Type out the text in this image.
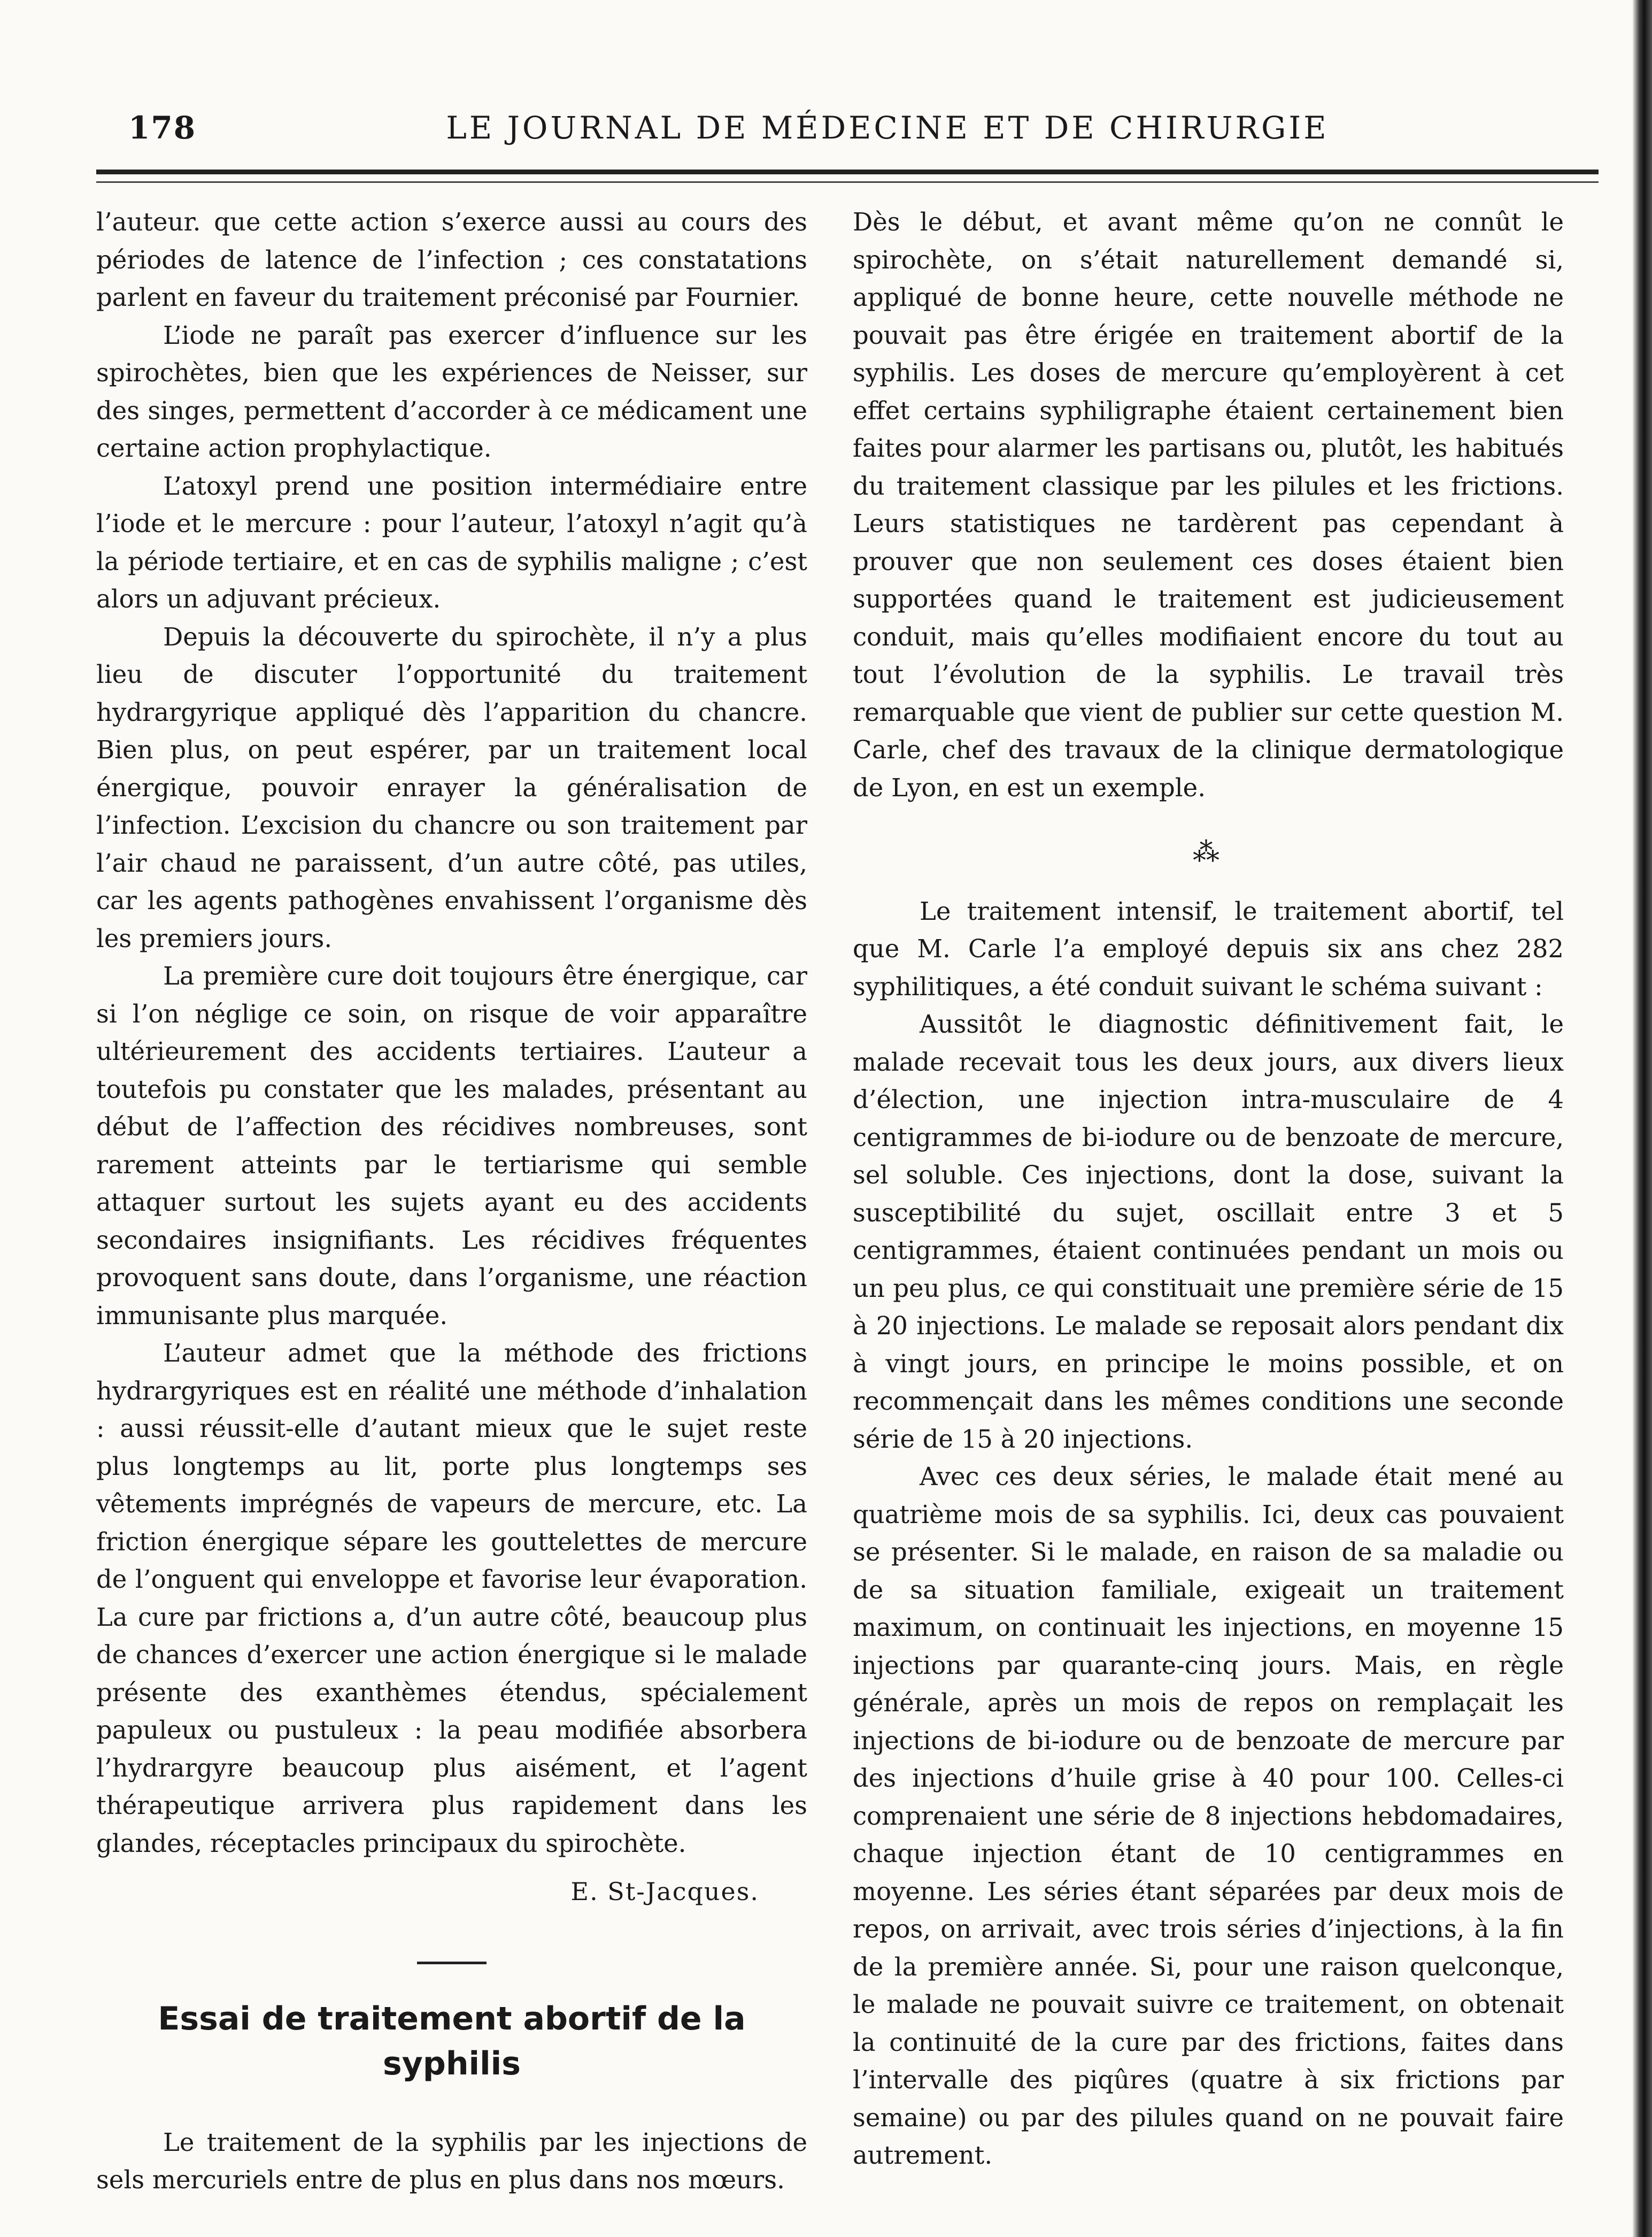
178	LE JOURNAL DE MÉDECINE ET DE CHIRURGIE

l’auteur. que cette action s’exerce aussi au cours des périodes de latence de l’infection ; ces constatations parlent en faveur du traitement préconisé par Fournier.

L’iode ne paraît pas exercer d’influence sur les spirochètes, bien que les expériences de Neisser, sur des singes, permettent d’accorder à ce médicament une certaine action prophylactique.

L’atoxyl prend une position intermédiaire entre l’iode et le mercure : pour l’auteur, l’atoxyl n’agit qu’à la période tertiaire, et en cas de syphilis maligne ; c’est alors un adjuvant précieux.

Depuis la découverte du spirochète, il n’y a plus lieu de discuter l’opportunité du traitement hydrargyrique appliqué dès l’apparition du chancre. Bien plus, on peut espérer, par un traitement local énergique, pouvoir enrayer la généralisation de l’infection. L’excision du chancre ou son traitement par l’air chaud ne paraissent, d’un autre côté, pas utiles, car les agents pathogènes envahissent l’organisme dès les premiers jours.

La première cure doit toujours être énergique, car si l’on néglige ce soin, on risque de voir apparaître ultérieurement des accidents tertiaires. L’auteur a toutefois pu constater que les malades, présentant au début de l’affection des récidives nombreuses, sont rarement atteints par le tertiarisme qui semble attaquer surtout les sujets ayant eu des accidents secondaires insignifiants. Les récidives fréquentes provoquent sans doute, dans l’organisme, une réaction immunisante plus marquée.

L’auteur admet que la méthode des frictions hydrargyriques est en réalité une méthode d’inhalation : aussi réussit-elle d’autant mieux que le sujet reste plus longtemps au lit, porte plus longtemps ses vêtements imprégnés de vapeurs de mercure, etc. La friction énergique sépare les gouttelettes de mercure de l’onguent qui enveloppe et favorise leur évaporation. La cure par frictions a, d’un autre côté, beaucoup plus de chances d’exercer une action énergique si le malade présente des exanthèmes étendus, spécialement papuleux ou pustuleux : la peau modifiée absorbera l’hydrargyre beaucoup plus aisément, et l’agent thérapeutique arrivera plus rapidement dans les glandes, réceptacles principaux du spirochète.

E. St-Jacques.
Essai de traitement abortif de la syphilis

Le traitement de la syphilis par les injections de sels mercuriels entre de plus en plus dans nos mœurs.

Dès le début, et avant même qu’on ne connût le spirochète, on s’était naturellement demandé si, appliqué de bonne heure, cette nouvelle méthode ne pouvait pas être érigée en traitement abortif de la syphilis. Les doses de mercure qu’employèrent à cet effet certains syphiligraphe étaient certainement bien faites pour alarmer les partisans ou, plutôt, les habitués du traitement classique par les pilules et les frictions. Leurs statistiques ne tardèrent pas cependant à prouver que non seulement ces doses étaient bien supportées quand le traitement est judicieusement conduit, mais qu’elles modifiaient encore du tout au tout l’évolution de la syphilis. Le travail très remarquable que vient de publier sur cette question M. Carle, chef des travaux de la clinique dermatologique de Lyon, en est un exemple.

⁂

Le traitement intensif, le traitement abortif, tel que M. Carle l’a employé depuis six ans chez 282 syphilitiques, a été conduit suivant le schéma suivant :

Aussitôt le diagnostic définitivement fait, le malade recevait tous les deux jours, aux divers lieux d’élection, une injection intra-musculaire de 4 centigrammes de bi-iodure ou de benzoate de mercure, sel soluble. Ces injections, dont la dose, suivant la susceptibilité du sujet, oscillait entre 3 et 5 centigrammes, étaient continuées pendant un mois ou un peu plus, ce qui constituait une première série de 15 à 20 injections. Le malade se reposait alors pendant dix à vingt jours, en principe le moins possible, et on recommençait dans les mêmes conditions une seconde série de 15 à 20 injections.

Avec ces deux séries, le malade était mené au quatrième mois de sa syphilis. Ici, deux cas pouvaient se présenter. Si le malade, en raison de sa maladie ou de sa situation familiale, exigeait un traitement maximum, on continuait les injections, en moyenne 15 injections par quarante-cinq jours. Mais, en règle générale, après un mois de repos on remplaçait les injections de bi-iodure ou de benzoate de mercure par des injections d’huile grise à 40 pour 100. Celles-ci comprenaient une série de 8 injections hebdomadaires, chaque injection étant de 10 centigrammes en moyenne. Les séries étant séparées par deux mois de repos, on arrivait, avec trois séries d’injections, à la fin de la première année. Si, pour une raison quelconque, le malade ne pouvait suivre ce traitement, on obtenait la continuité de la cure par des frictions, faites dans l’intervalle des piqûres (quatre à six frictions par semaine) ou par des pilules quand on ne pouvait faire autrement.
